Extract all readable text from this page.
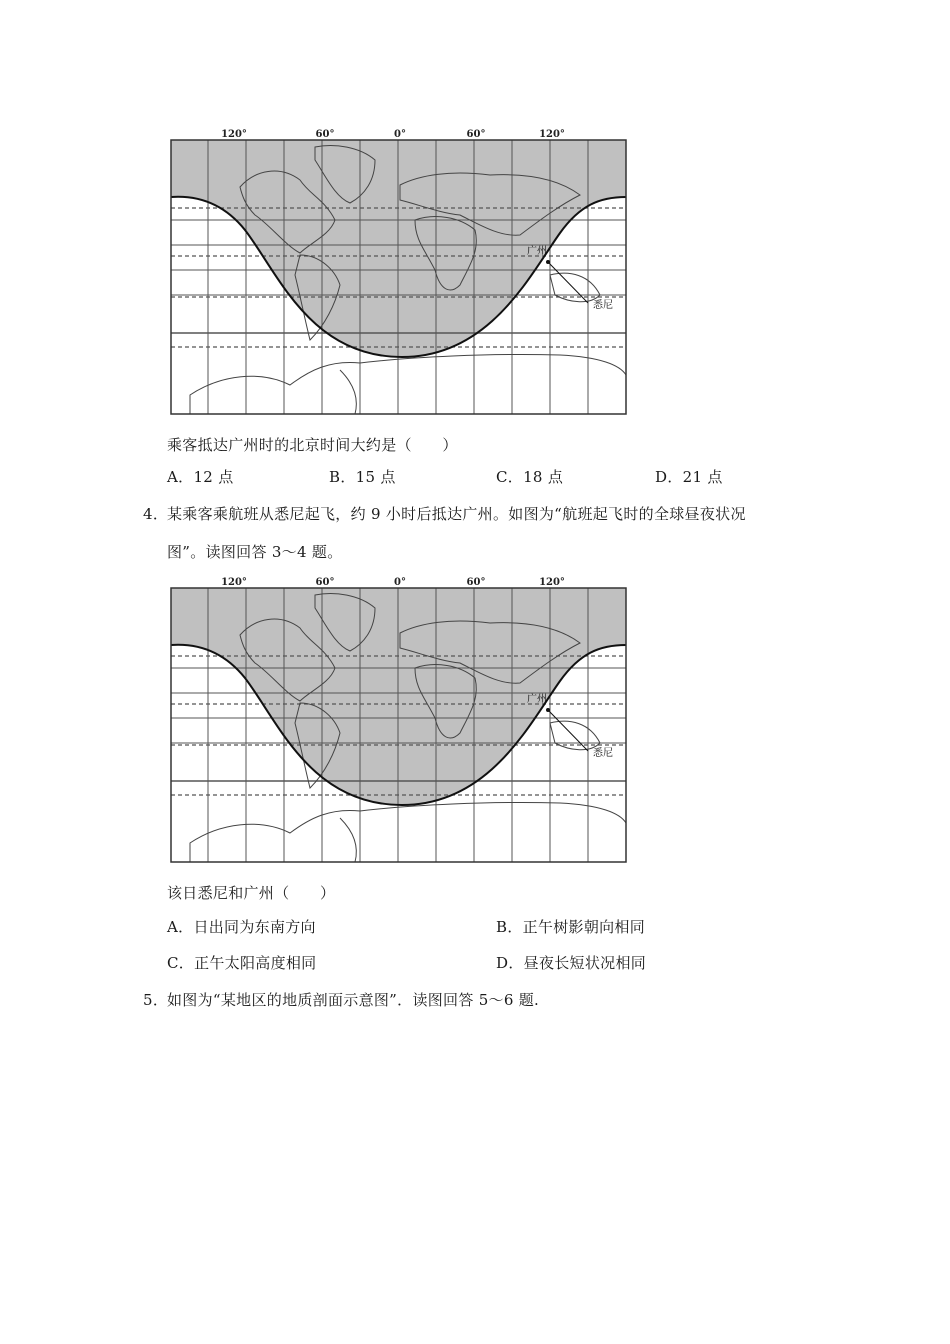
120°	60°	0°	60°	120°
广州
悉尼
乘客抵达广州时的北京时间大约是（　　）
A．12 点	B．15 点	C．18 点	D．21 点
4．
某乘客乘航班从悉尼起飞，约 9 小时后抵达广州。如图为“航班起飞时的全球昼夜状况
图”。读图回答 3～4 题。
120°	60°	0°	60°	120°
广州
悉尼
该日悉尼和广州（　　）
A．日出同为东南方向	B．正午树影朝向相同
C．正午太阳高度相同	D．昼夜长短状况相同
5．
如图为“某地区的地质剖面示意图”．读图回答 5～6 题.
